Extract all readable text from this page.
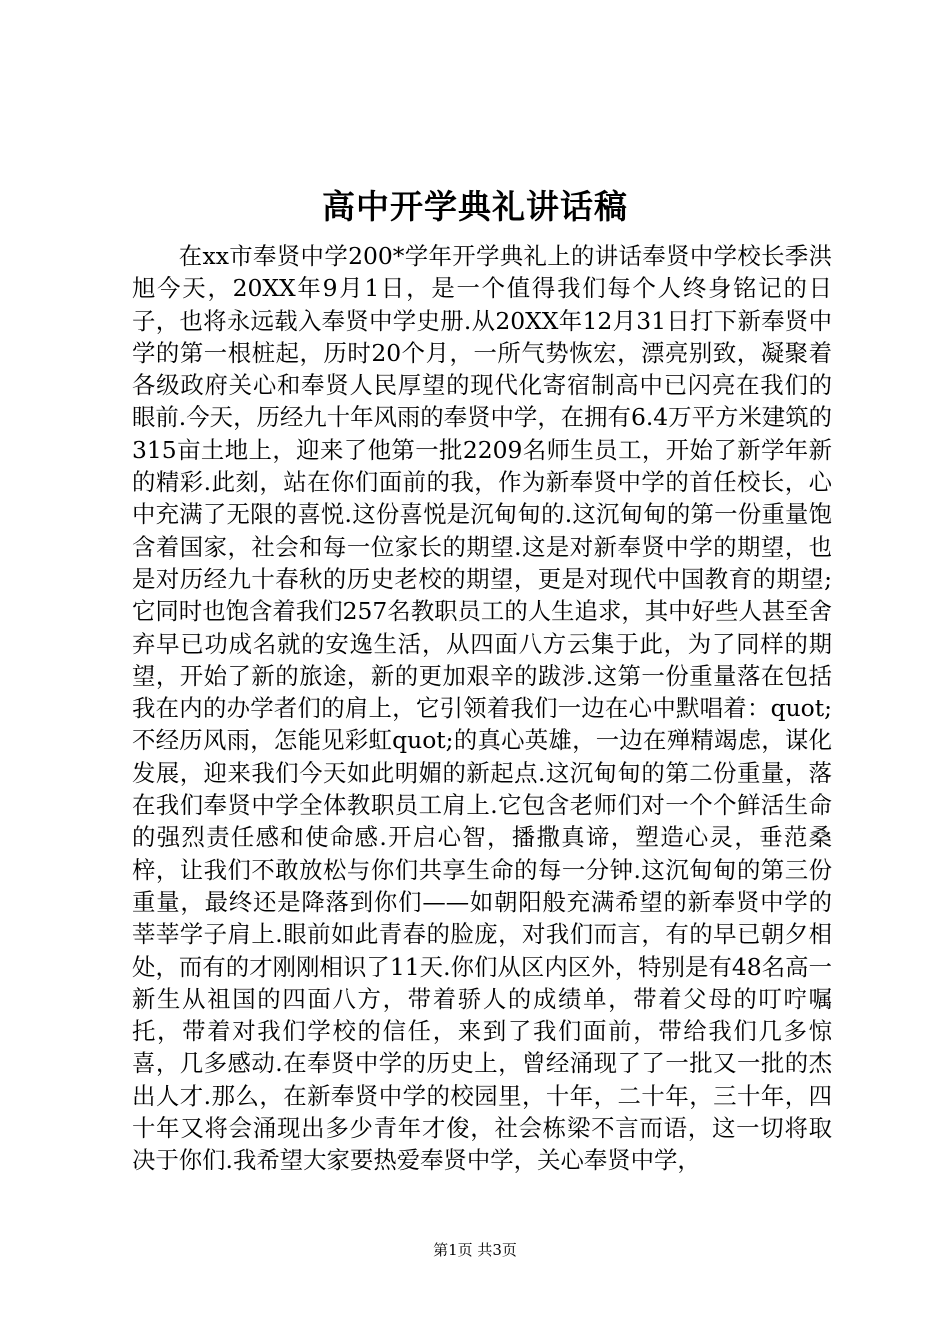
高中开学典礼讲话稿

在xx市奉贤中学200*学年开学典礼上的讲话奉贤中学校长季洪旭今天，20XX年9月1日，是一个值得我们每个人终身铭记的日子，也将永远载入奉贤中学史册.从20XX年12月31日打下新奉贤中学的第一根桩起，历时20个月，一所气势恢宏，漂亮别致，凝聚着各级政府关心和奉贤人民厚望的现代化寄宿制高中已闪亮在我们的眼前.今天，历经九十年风雨的奉贤中学，在拥有6.4万平方米建筑的315亩土地上，迎来了他第一批2209名师生员工，开始了新学年新的精彩.此刻，站在你们面前的我，作为新奉贤中学的首任校长，心中充满了无限的喜悦.这份喜悦是沉甸甸的.这沉甸甸的第一份重量饱含着国家，社会和每一位家长的期望.这是对新奉贤中学的期望，也是对历经九十春秋的历史老校的期望，更是对现代中国教育的期望;它同时也饱含着我们257名教职员工的人生追求，其中好些人甚至舍弃早已功成名就的安逸生活，从四面八方云集于此，为了同样的期望，开始了新的旅途，新的更加艰辛的跋涉.这第一份重量落在包括我在内的办学者们的肩上，它引领着我们一边在心中默唱着：quot;不经历风雨，怎能见彩虹quot;的真心英雄，一边在殚精竭虑，谋化发展，迎来我们今天如此明媚的新起点.这沉甸甸的第二份重量，落在我们奉贤中学全体教职员工肩上.它包含老师们对一个个鲜活生命的强烈责任感和使命感.开启心智，播撒真谛，塑造心灵，垂范桑梓，让我们不敢放松与你们共享生命的每一分钟.这沉甸甸的第三份重量，最终还是降落到你们——如朝阳般充满希望的新奉贤中学的莘莘学子肩上.眼前如此青春的脸庞，对我们而言，有的早已朝夕相处，而有的才刚刚相识了11天.你们从区内区外，特别是有48名高一新生从祖国的四面八方，带着骄人的成绩单，带着父母的叮咛嘱托，带着对我们学校的信任，来到了我们面前，带给我们几多惊喜，几多感动.在奉贤中学的历史上，曾经涌现了了一批又一批的杰出人才.那么，在新奉贤中学的校园里，十年，二十年，三十年，四十年又将会涌现出多少青年才俊，社会栋梁不言而语，这一切将取决于你们.我希望大家要热爱奉贤中学，关心奉贤中学，

第1页 共3页
